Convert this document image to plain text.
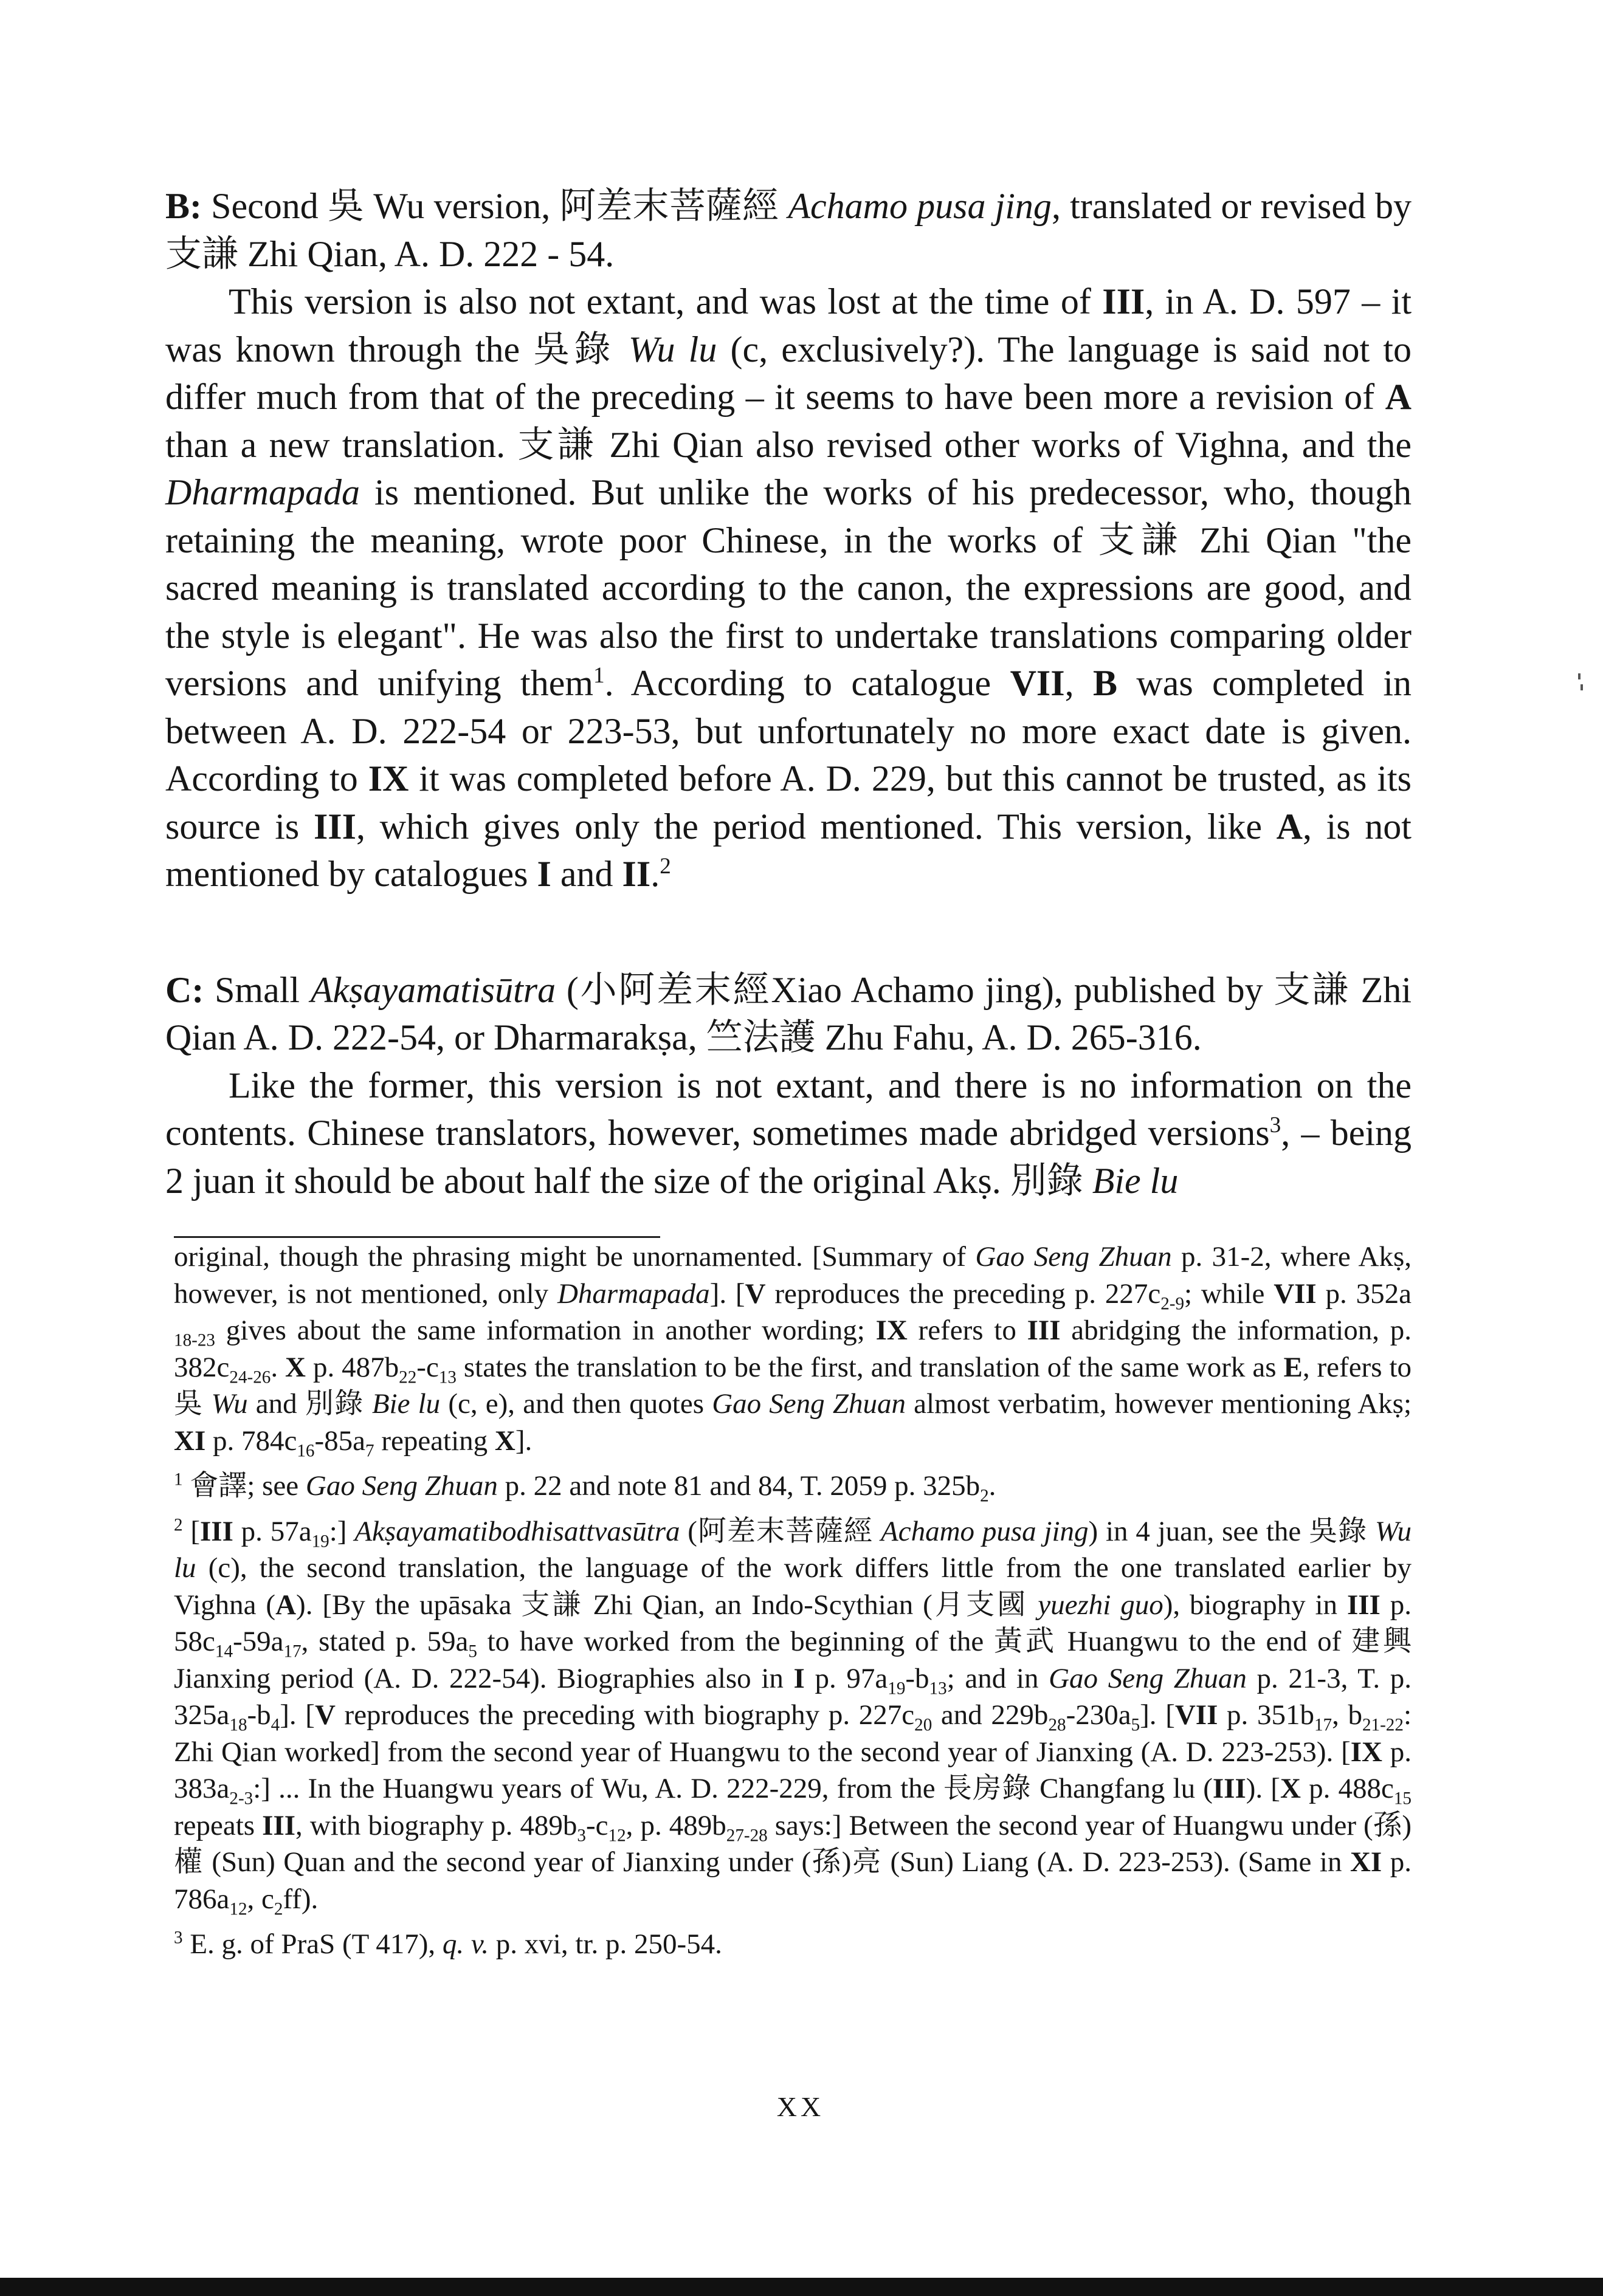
B: Second 吳 Wu version, 阿差末菩薩經 Achamo pusa jing, translated or revised by 支謙 Zhi Qian, A. D. 222 - 54.

This version is also not extant, and was lost at the time of III, in A. D. 597 – it was known through the 吳錄 Wu lu (c, exclusively?). The language is said not to differ much from that of the preceding – it seems to have been more a revision of A than a new translation. 支謙 Zhi Qian also revised other works of Vighna, and the Dharmapada is mentioned. But unlike the works of his predecessor, who, though retaining the meaning, wrote poor Chinese, in the works of 支謙 Zhi Qian "the sacred meaning is translated according to the canon, the expressions are good, and the style is elegant". He was also the first to undertake translations comparing older versions and unifying them$^1$. According to catalogue VII, B was completed in between A. D. 222-54 or 223-53, but unfortunately no more exact date is given. According to IX it was completed before A. D. 229, but this cannot be trusted, as its source is III, which gives only the period mentioned. This version, like A, is not mentioned by catalogues I and II.$^2$

C: Small Akṣayamatisūtra (小阿差末經Xiao Achamo jing), published by 支謙 Zhi Qian A. D. 222-54, or Dharmarakṣa, 竺法護 Zhu Fahu, A. D. 265-316.

Like the former, this version is not extant, and there is no information on the contents. Chinese translators, however, sometimes made abridged versions$^3$, – being 2 juan it should be about half the size of the original Akṣ. 別錄 Bie lu

original, though the phrasing might be unornamented. [Summary of Gao Seng Zhuan p. 31-2, where Akṣ, however, is not mentioned, only Dharmapada]. [V reproduces the preceding p. $227c_{2-9}$; while VII p. 352a $_{18-23}$ gives about the same information in another wording; IX refers to III abridging the information, p. $382c_{24-26}$. X p. $487b_{22}-c_{13}$ states the translation to be the first, and translation of the same work as E, refers to 吳 Wu and 別錄 Bie lu (c, e), and then quotes Gao Seng Zhuan almost verbatim, however mentioning Akṣ; XI p. $784c_{16}-85a_7$ repeating X].

$^1$ 會譯; see Gao Seng Zhuan p. 22 and note 81 and 84, T. 2059 p. $325b_2$.

$^2$ [III p. $57a_{19}$:] Akṣayamatibodhisattvasūtra (阿差末菩薩經 Achamo pusa jing) in 4 juan, see the 吳錄 Wu lu (c), the second translation, the language of the work differs little from the one translated earlier by Vighna (A). [By the upāsaka 支謙 Zhi Qian, an Indo-Scythian (月支國 yuezhi guo), biography in III p. $58c_{14}-59a_{17}$, stated p. $59a_5$ to have worked from the beginning of the 黃武 Huangwu to the end of 建興 Jianxing period (A. D. 222-54). Biographies also in I p. $97a_{19}-b_{13}$; and in Gao Seng Zhuan p. 21-3, T. p. $325a_{18}-b_4$]. [V reproduces the preceding with biography p. $227c_{20}$ and $229b_{28}-230a_5$]. [VII p. $351b_{17}$, $b_{21-22}$: Zhi Qian worked] from the second year of Huangwu to the second year of Jianxing (A. D. 223-253). [IX p. $383a_{2-3}$:] ... In the Huangwu years of Wu, A. D. 222-229, from the 長房錄 Changfang lu (III). [X p. $488c_{15}$ repeats III, with biography p. $489b_3-c_{12}$, p. $489b_{27-28}$ says:] Between the second year of Huangwu under (孫)權 (Sun) Quan and the second year of Jianxing under (孫)亮 (Sun) Liang (A. D. 223-253). (Same in XI p. $786a_{12}$, $c_2ff$).

$^3$ E. g. of PraS (T 417), q. v. p. xvi, tr. p. 250-54.

XX
